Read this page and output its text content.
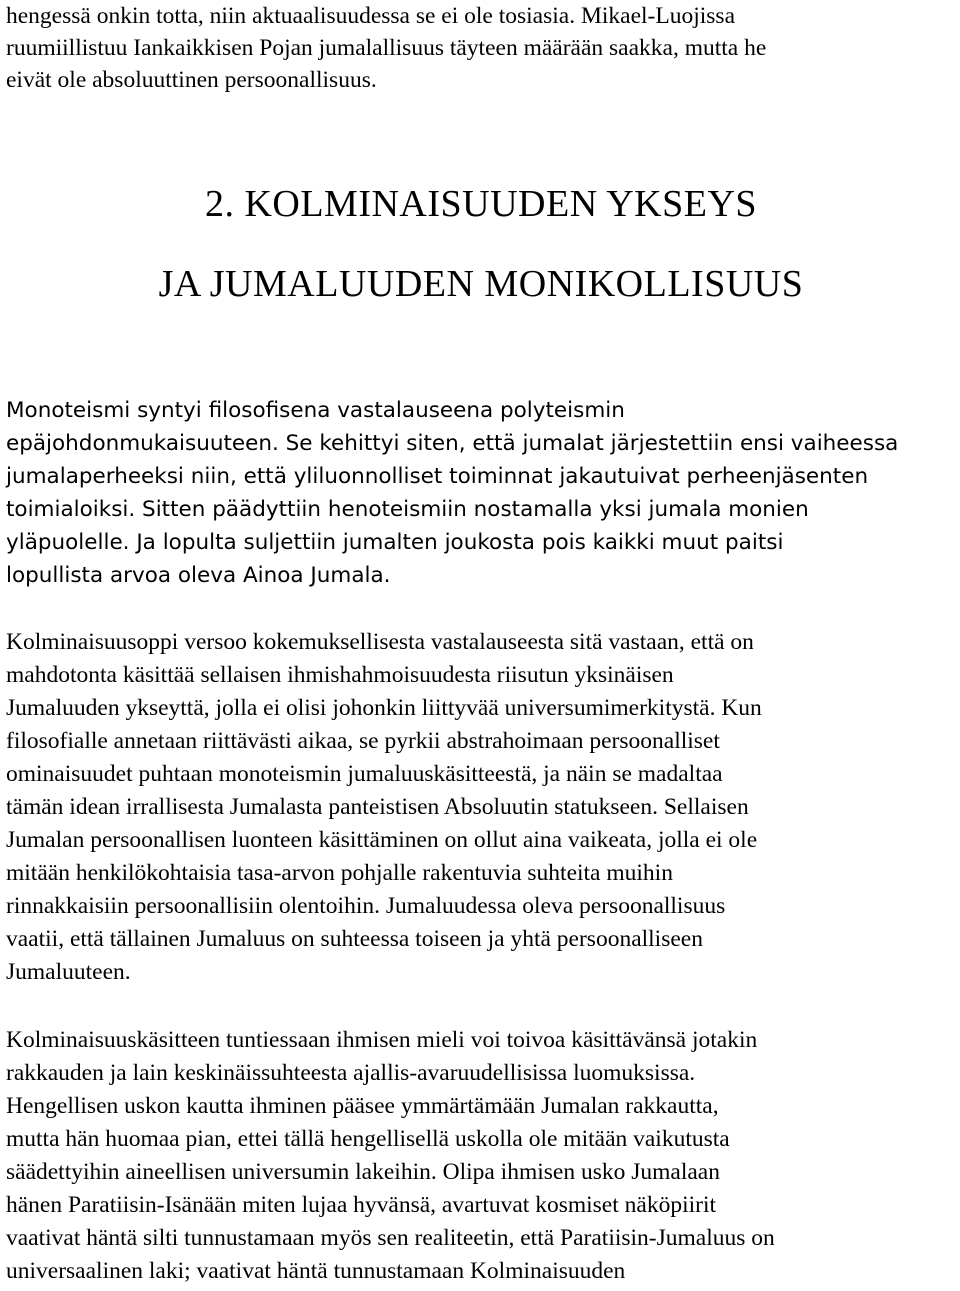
hengessä onkin totta, niin aktuaalisuudessa se ei ole tosiasia. Mikael-Luojissa
ruumiillistuu Iankaikkisen Pojan jumalallisuus täyteen määrään saakka, mutta he
eivät ole absoluuttinen persoonallisuus.

2. KOLMINAISUUDEN YKSEYS
JA JUMALUUDEN MONIKOLLISUUS

Monoteismi syntyi filosofisena vastalauseena polyteismin
epäjohdonmukaisuuteen. Se kehittyi siten, että jumalat järjestettiin ensi vaiheessa
jumalaperheeksi niin, että yliluonnolliset toiminnat jakautuivat perheenjäsenten
toimialoiksi. Sitten päädyttiin henoteismiin nostamalla yksi jumala monien
yläpuolelle. Ja lopulta suljettiin jumalten joukosta pois kaikki muut paitsi
lopullista arvoa oleva Ainoa Jumala.

Kolminaisuusoppi versoo kokemuksellisesta vastalauseesta sitä vastaan, että on
mahdotonta käsittää sellaisen ihmishahmoisuudesta riisutun yksinäisen
Jumaluuden ykseyttä, jolla ei olisi johonkin liittyvää universumimerkitystä. Kun
filosofialle annetaan riittävästi aikaa, se pyrkii abstrahoimaan persoonalliset
ominaisuudet puhtaan monoteismin jumaluuskäsitteestä, ja näin se madaltaa
tämän idean irrallisesta Jumalasta panteistisen Absoluutin statukseen. Sellaisen
Jumalan persoonallisen luonteen käsittäminen on ollut aina vaikeata, jolla ei ole
mitään henkilökohtaisia tasa-arvon pohjalle rakentuvia suhteita muihin
rinnakkaisiin persoonallisiin olentoihin. Jumaluudessa oleva persoonallisuus
vaatii, että tällainen Jumaluus on suhteessa toiseen ja yhtä persoonalliseen
Jumaluuteen.

Kolminaisuuskäsitteen tuntiessaan ihmisen mieli voi toivoa käsittävänsä jotakin
rakkauden ja lain keskinäissuhteesta ajallis-avaruudellisissa luomuksissa.
Hengellisen uskon kautta ihminen pääsee ymmärtämään Jumalan rakkautta,
mutta hän huomaa pian, ettei tällä hengellisellä uskolla ole mitään vaikutusta
säädettyihin aineellisen universumin lakeihin. Olipa ihmisen usko Jumalaan
hänen Paratiisin-Isänään miten lujaa hyvänsä, avartuvat kosmiset näköpiirit
vaativat häntä silti tunnustamaan myös sen realiteetin, että Paratiisin-Jumaluus on
universaalinen laki; vaativat häntä tunnustamaan Kolminaisuuden
